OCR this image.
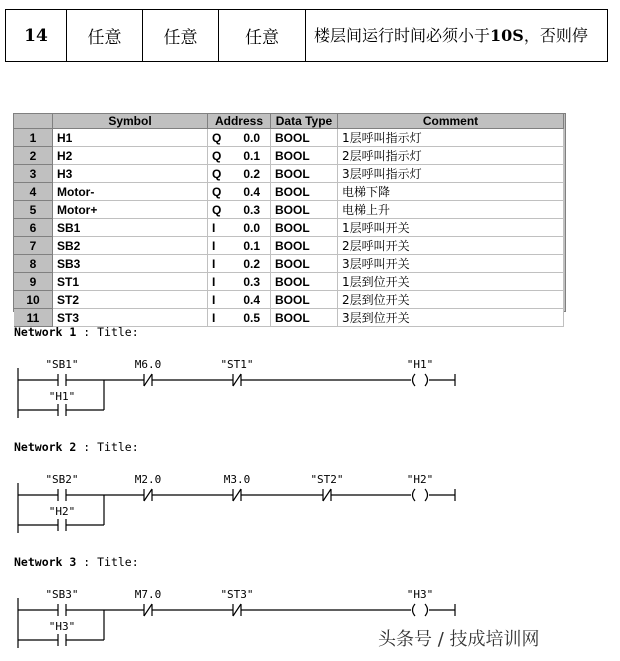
14	任意	任意	任意	楼层间运行时间必须小于10S，否则停
	Symbol	Address	Data Type	Comment
1	H1	Q 0.0	BOOL	1层呼叫指示灯
2	H2	Q 0.1	BOOL	2层呼叫指示灯
3	H3	Q 0.2	BOOL	3层呼叫指示灯
4	Motor-	Q 0.4	BOOL	电梯下降
5	Motor+	Q 0.3	BOOL	电梯上升
6	SB1	I 0.0	BOOL	1层呼叫开关
7	SB2	I 0.1	BOOL	2层呼叫开关
8	SB3	I 0.2	BOOL	3层呼叫开关
9	ST1	I 0.3	BOOL	1层到位开关
10	ST2	I 0.4	BOOL	2层到位开关
11	ST3	I 0.5	BOOL	3层到位开关
Network 1 : Title:
"SB1"	M6.0	"ST1"	"H1"
"H1"
Network 2 : Title:
"SB2"	M2.0	M3.0	"ST2"	"H2"
"H2"
Network 3 : Title:
"SB3"	M7.0	"ST3"	"H3"
"H3"
头条号 / 技成培训网
